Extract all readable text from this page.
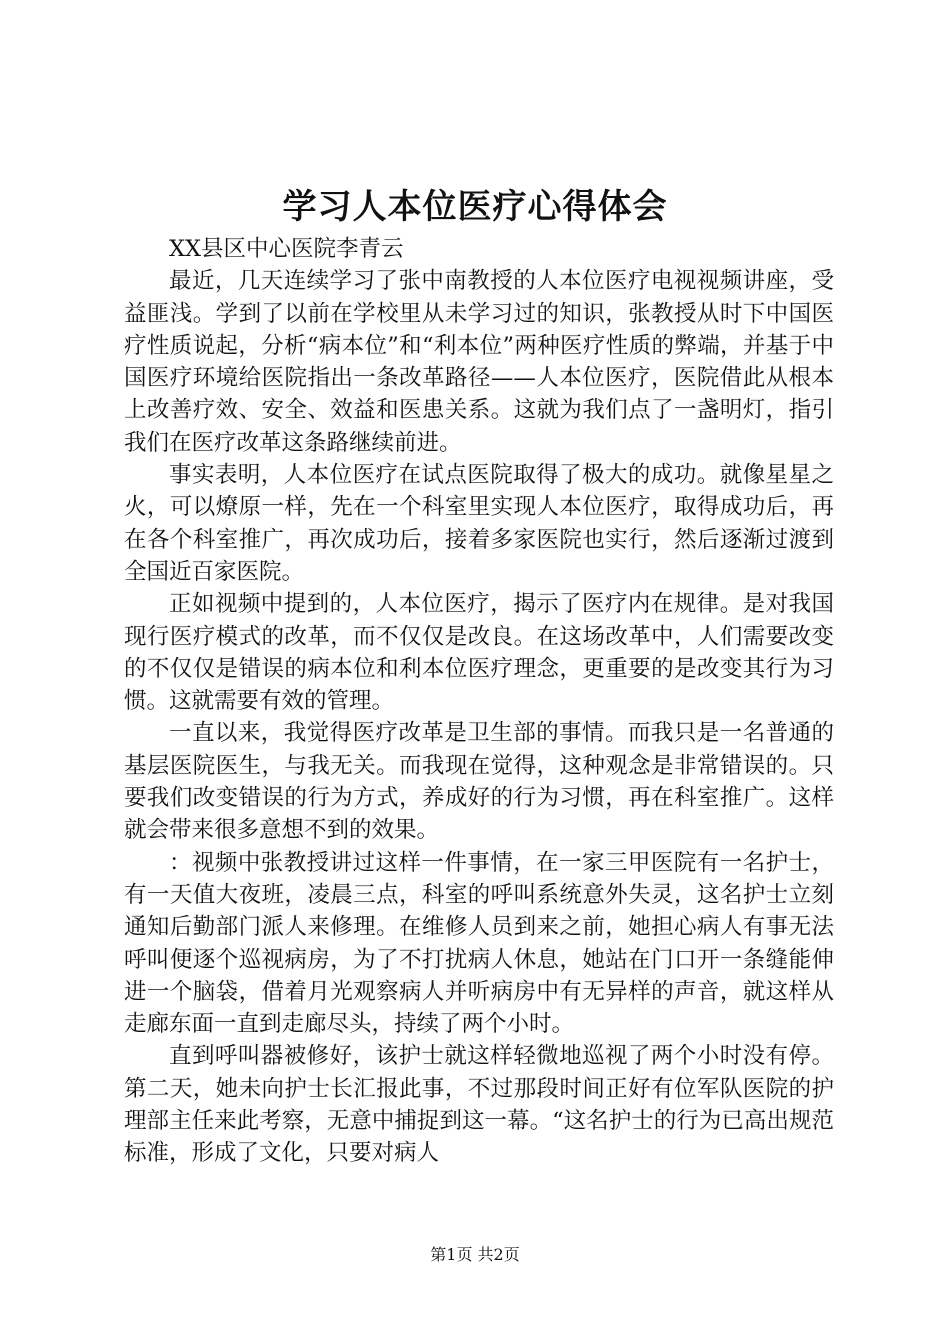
学习人本位医疗心得体会

XX县区中心医院李青云

最近，几天连续学习了张中南教授的人本位医疗电视视频讲座，受益匪浅。学到了以前在学校里从未学习过的知识，张教授从时下中国医疗性质说起，分析“病本位”和“利本位”两种医疗性质的弊端，并基于中国医疗环境给医院指出一条改革路径——人本位医疗，医院借此从根本上改善疗效、安全、效益和医患关系。这就为我们点了一盏明灯，指引我们在医疗改革这条路继续前进。

事实表明，人本位医疗在试点医院取得了极大的成功。就像星星之火，可以燎原一样，先在一个科室里实现人本位医疗，取得成功后，再在各个科室推广，再次成功后，接着多家医院也实行，然后逐渐过渡到全国近百家医院。

正如视频中提到的，人本位医疗，揭示了医疗内在规律。是对我国现行医疗模式的改革，而不仅仅是改良。在这场改革中，人们需要改变的不仅仅是错误的病本位和利本位医疗理念，更重要的是改变其行为习惯。这就需要有效的管理。

一直以来，我觉得医疗改革是卫生部的事情。而我只是一名普通的基层医院医生，与我无关。而我现在觉得，这种观念是非常错误的。只要我们改变错误的行为方式，养成好的行为习惯，再在科室推广。这样就会带来很多意想不到的效果。

：视频中张教授讲过这样一件事情，在一家三甲医院有一名护士，有一天值大夜班，凌晨三点，科室的呼叫系统意外失灵，这名护士立刻通知后勤部门派人来修理。在维修人员到来之前，她担心病人有事无法呼叫便逐个巡视病房，为了不打扰病人休息，她站在门口开一条缝能伸进一个脑袋，借着月光观察病人并听病房中有无异样的声音，就这样从走廊东面一直到走廊尽头，持续了两个小时。

直到呼叫器被修好，该护士就这样轻微地巡视了两个小时没有停。第二天，她未向护士长汇报此事，不过那段时间正好有位军队医院的护理部主任来此考察，无意中捕捉到这一幕。“这名护士的行为已高出规范标准，形成了文化，只要对病人

第1页 共2页
